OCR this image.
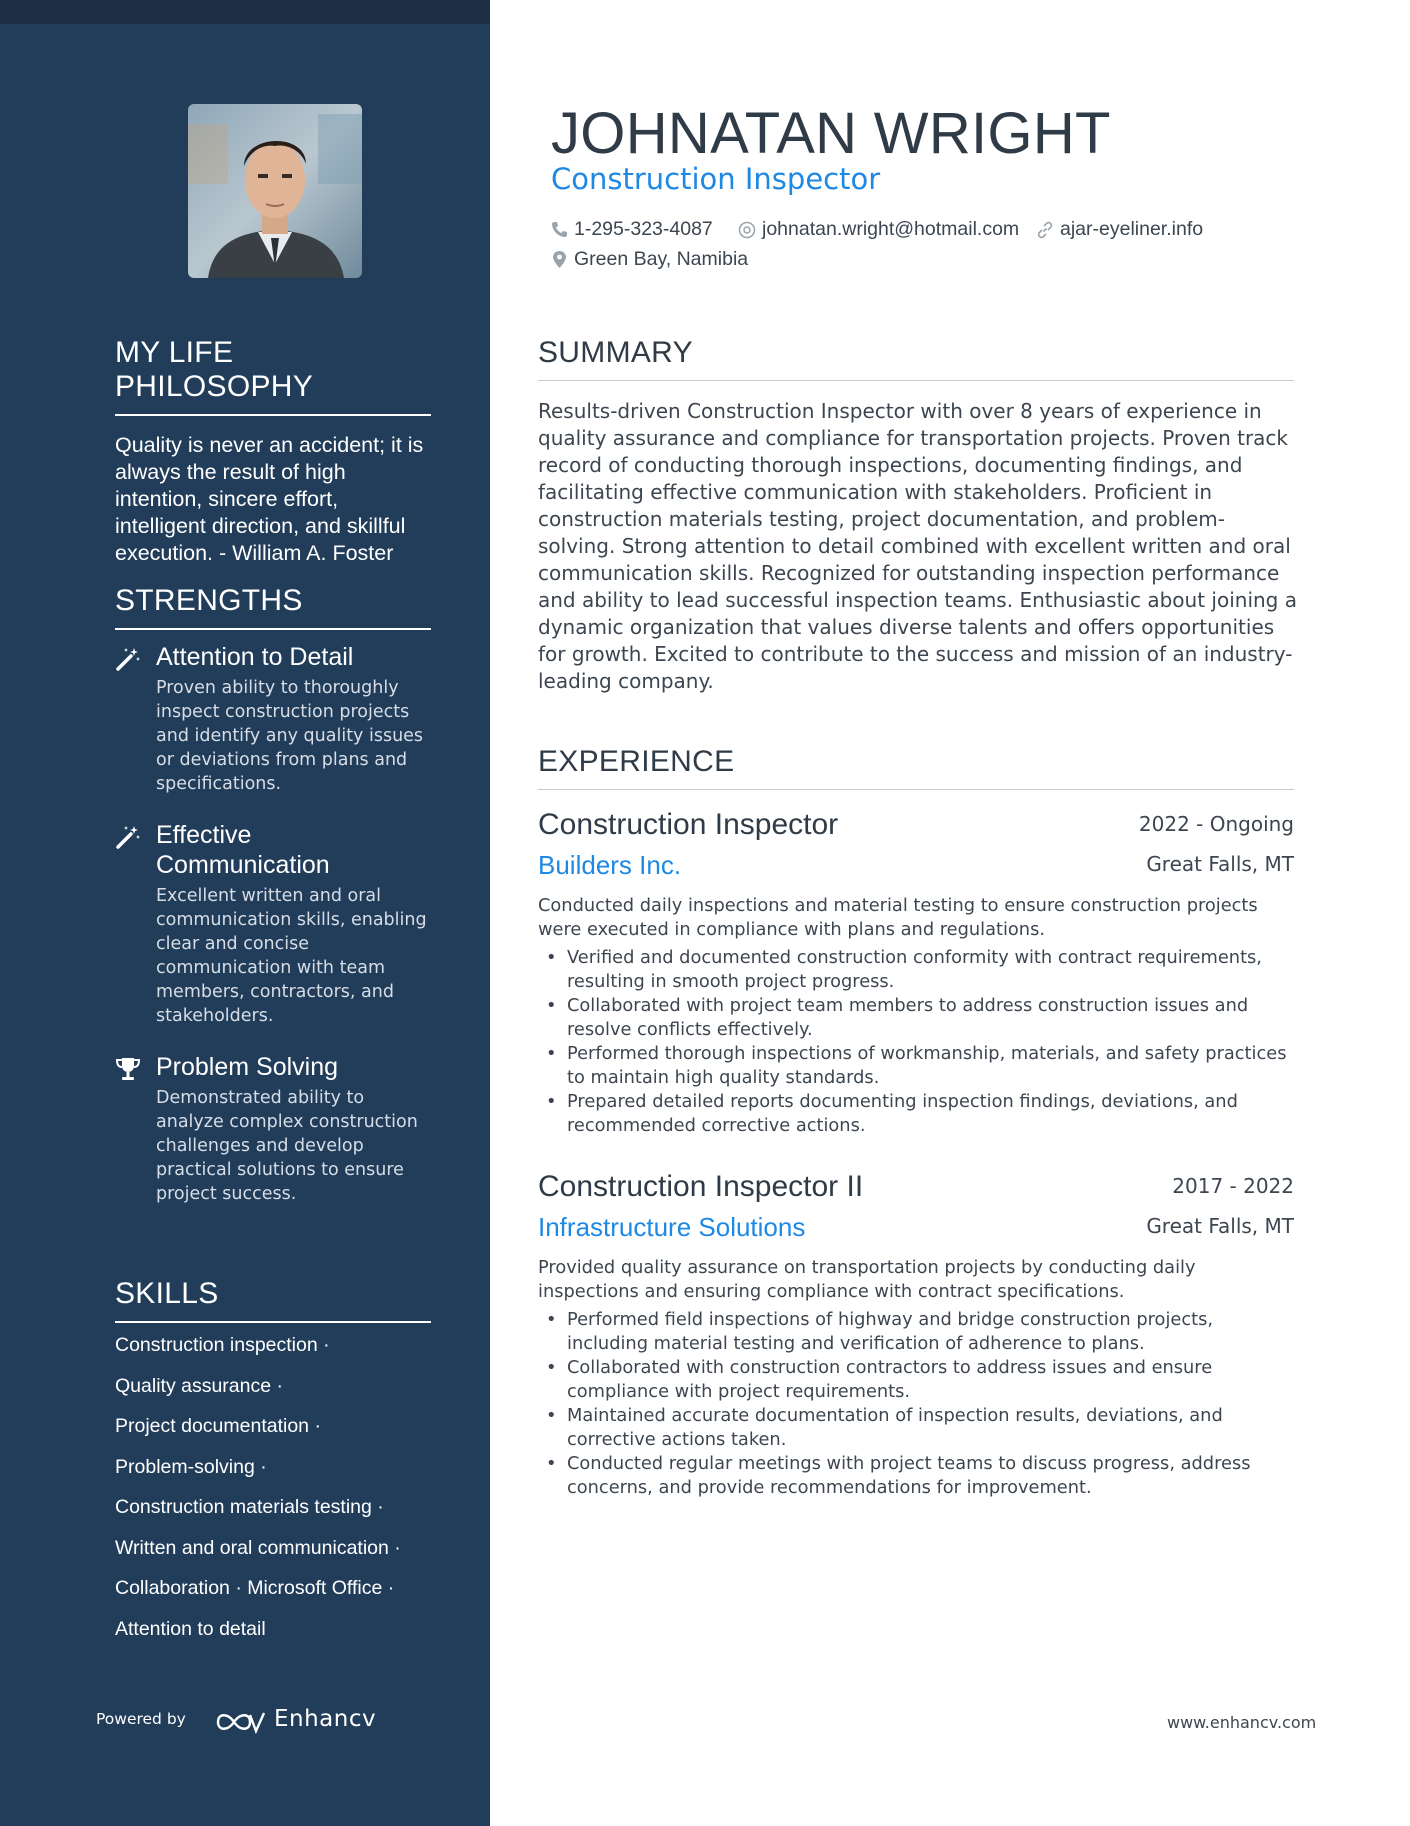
MY LIFE PHILOSOPHY
Quality is never an accident; it is always the result of high intention, sincere effort, intelligent direction, and skillful execution. - William A. Foster
STRENGTHS
Attention to Detail
Proven ability to thoroughly inspect construction projects and identify any quality issues or deviations from plans and specifications.
Effective Communication
Excellent written and oral communication skills, enabling clear and concise communication with team members, contractors, and stakeholders.
Problem Solving
Demonstrated ability to analyze complex construction challenges and develop practical solutions to ensure project success.
SKILLS
Construction inspection ·
Quality assurance ·
Project documentation ·
Problem-solving ·
Construction materials testing ·
Written and oral communication ·
Collaboration · Microsoft Office ·
Attention to detail
Powered by	Enhancv
JOHNATAN WRIGHT
Construction Inspector
1-295-323-4087	johnatan.wright@hotmail.com ajar-eyeliner.info
Green Bay, Namibia
SUMMARY
Results-driven Construction Inspector with over 8 years of experience in quality assurance and compliance for transportation projects. Proven track record of conducting thorough inspections, documenting findings, and facilitating effective communication with stakeholders. Proficient in construction materials testing, project documentation, and problem-solving. Strong attention to detail combined with excellent written and oral communication skills. Recognized for outstanding inspection performance and ability to lead successful inspection teams. Enthusiastic about joining a dynamic organization that values diverse talents and offers opportunities for growth. Excited to contribute to the success and mission of an industry-leading company.
EXPERIENCE
Construction Inspector	2022 - Ongoing
Builders Inc.	Great Falls, MT
Conducted daily inspections and material testing to ensure construction projects were executed in compliance with plans and regulations.
• Verified and documented construction conformity with contract requirements, resulting in smooth project progress.
• Collaborated with project team members to address construction issues and resolve conflicts effectively.
• Performed thorough inspections of workmanship, materials, and safety practices to maintain high quality standards.
• Prepared detailed reports documenting inspection findings, deviations, and recommended corrective actions.
Construction Inspector II	2017 - 2022
Infrastructure Solutions	Great Falls, MT
Provided quality assurance on transportation projects by conducting daily inspections and ensuring compliance with contract specifications.
• Performed field inspections of highway and bridge construction projects, including material testing and verification of adherence to plans.
• Collaborated with construction contractors to address issues and ensure compliance with project requirements.
• Maintained accurate documentation of inspection results, deviations, and corrective actions taken.
• Conducted regular meetings with project teams to discuss progress, address concerns, and provide recommendations for improvement.
www.enhancv.com
